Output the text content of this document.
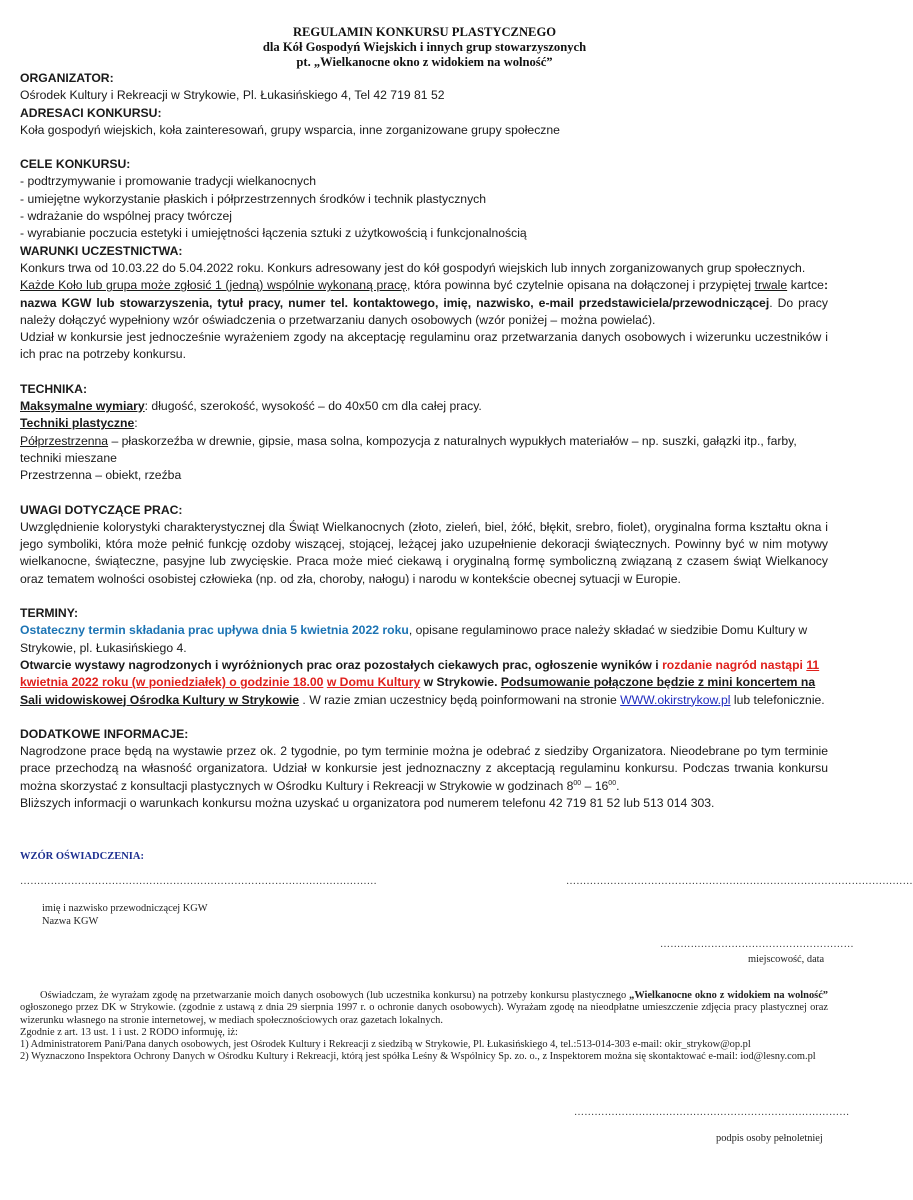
REGULAMIN KONKURSU PLASTYCZNEGO
dla Kół Gospodyń Wiejskich i innych grup stowarzyszonych
pt. „Wielkanocne okno z widokiem na wolność”

ORGANIZATOR:

Ośrodek Kultury i Rekreacji w Strykowie, Pl. Łukasińskiego 4, Tel 42 719 81 52

ADRESACI KONKURSU:

Koła gospodyń wiejskich, koła zainteresowań, grupy wsparcia, inne zorganizowane grupy społeczne

CELE KONKURSU:

- podtrzymywanie i promowanie tradycji wielkanocnych

- umiejętne wykorzystanie płaskich i półprzestrzennych środków i technik plastycznych

- wdrażanie do wspólnej pracy twórczej

- wyrabianie poczucia estetyki i umiejętności łączenia sztuki z użytkowością i funkcjonalnością

WARUNKI UCZESTNICTWA:

Konkurs trwa od 10.03.22 do 5.04.2022 roku. Konkurs adresowany jest do kół gospodyń wiejskich lub innych zorganizowanych grup społecznych.

Każde Koło lub grupa może zgłosić 1 (jedną) wspólnie wykonaną pracę, która powinna być czytelnie opisana na dołączonej i przypiętej trwale kartce: nazwa KGW lub stowarzyszenia, tytuł pracy, numer tel. kontaktowego, imię, nazwisko, e-mail przedstawiciela/przewodniczącej. Do pracy należy dołączyć wypełniony wzór oświadczenia o przetwarzaniu danych osobowych (wzór poniżej – można powielać).

Udział w konkursie jest jednocześnie wyrażeniem zgody na akceptację regulaminu oraz przetwarzania danych osobowych i wizerunku uczestników i ich prac na potrzeby konkursu.

TECHNIKA:

Maksymalne wymiary: długość, szerokość, wysokość – do 40x50 cm dla całej pracy.

Techniki plastyczne:

Półprzestrzenna – płaskorzeźba w drewnie, gipsie, masa solna, kompozycja z naturalnych wypukłych materiałów – np. suszki, gałązki itp., farby, techniki mieszane

Przestrzenna – obiekt, rzeźba

UWAGI DOTYCZĄCE PRAC:

Uwzględnienie kolorystyki charakterystycznej dla Świąt Wielkanocnych (złoto, zieleń, biel, żółć, błękit, srebro, fiolet), oryginalna forma kształtu okna i jego symboliki, która może pełnić funkcję ozdoby wiszącej, stojącej, leżącej jako uzupełnienie dekoracji świątecznych. Powinny być w nim motywy wielkanocne, świąteczne, pasyjne lub zwycięskie. Praca może mieć ciekawą i oryginalną formę symboliczną związaną z czasem świąt Wielkanocy oraz tematem wolności osobistej człowieka (np. od zła, choroby, nałogu) i narodu w kontekście obecnej sytuacji w Europie.

TERMINY:

Ostateczny termin składania prac upływa dnia 5 kwietnia 2022 roku, opisane regulaminowo prace należy składać w siedzibie Domu Kultury w Strykowie, pl. Łukasińskiego 4.

Otwarcie wystawy nagrodzonych i wyróżnionych prac oraz pozostałych ciekawych prac, ogłoszenie wyników i rozdanie nagród nastąpi 11 kwietnia 2022 roku (w poniedziałek) o godzinie 18.00 w Domu Kultury w Strykowie. Podsumowanie połączone będzie z mini koncertem na Sali widowiskowej Ośrodka Kultury w Strykowie . W razie zmian uczestnicy będą poinformowani na stronie WWW.okirstrykow.pl lub telefonicznie.

DODATKOWE INFORMACJE:

Nagrodzone prace będą na wystawie przez ok. 2 tygodnie, po tym terminie można je odebrać z siedziby Organizatora. Nieodebrane po tym terminie prace przechodzą na własność organizatora. Udział w konkursie jest jednoznaczny z akceptacją regulaminu konkursu. Podczas trwania konkursu można skorzystać z konsultacji plastycznych w Ośrodku Kultury i Rekreacji w Strykowie w godzinach $8^{00} - 16^{00}$.

Bliższych informacji o warunkach konkursu można uzyskać u organizatora pod numerem telefonu 42 719 81 52 lub 513 014 303.

WZÓR OŚWIADCZENIA:
……………………………………………………………………………………………	…………………………………………………………………………………………
imię i nazwisko przewodniczącej KGW
Nazwa KGW
…………………………………………………
miejscowość, data

Oświadczam, że wyrażam zgodę na przetwarzanie moich danych osobowych (lub uczestnika konkursu) na potrzeby konkursu plastycznego „Wielkanocne okno z widokiem na wolność” ogłoszonego przez DK w Strykowie. (zgodnie z ustawą z dnia 29 sierpnia 1997 r. o ochronie danych osobowych). Wyrażam zgodę na nieodpłatne umieszczenie zdjęcia pracy plastycznej oraz wizerunku własnego na stronie internetowej, w mediach społecznościowych oraz gazetach lokalnych.

Zgodnie z art. 13 ust. 1 i ust. 2 RODO informuję, iż:

1) Administratorem Pani/Pana danych osobowych, jest Ośrodek Kultury i Rekreacji z siedzibą w Strykowie, Pl. Łukasińskiego 4, tel.:513-014-303 e-mail: okir_strykow@op.pl

2) Wyznaczono Inspektora Ochrony Danych w Ośrodku Kultury i Rekreacji, którą jest spółka Leśny & Wspólnicy Sp. zo. o., z Inspektorem można się skontaktować e-mail: iod@lesny.com.pl

………………………………………………………………………
podpis osoby pełnoletniej
